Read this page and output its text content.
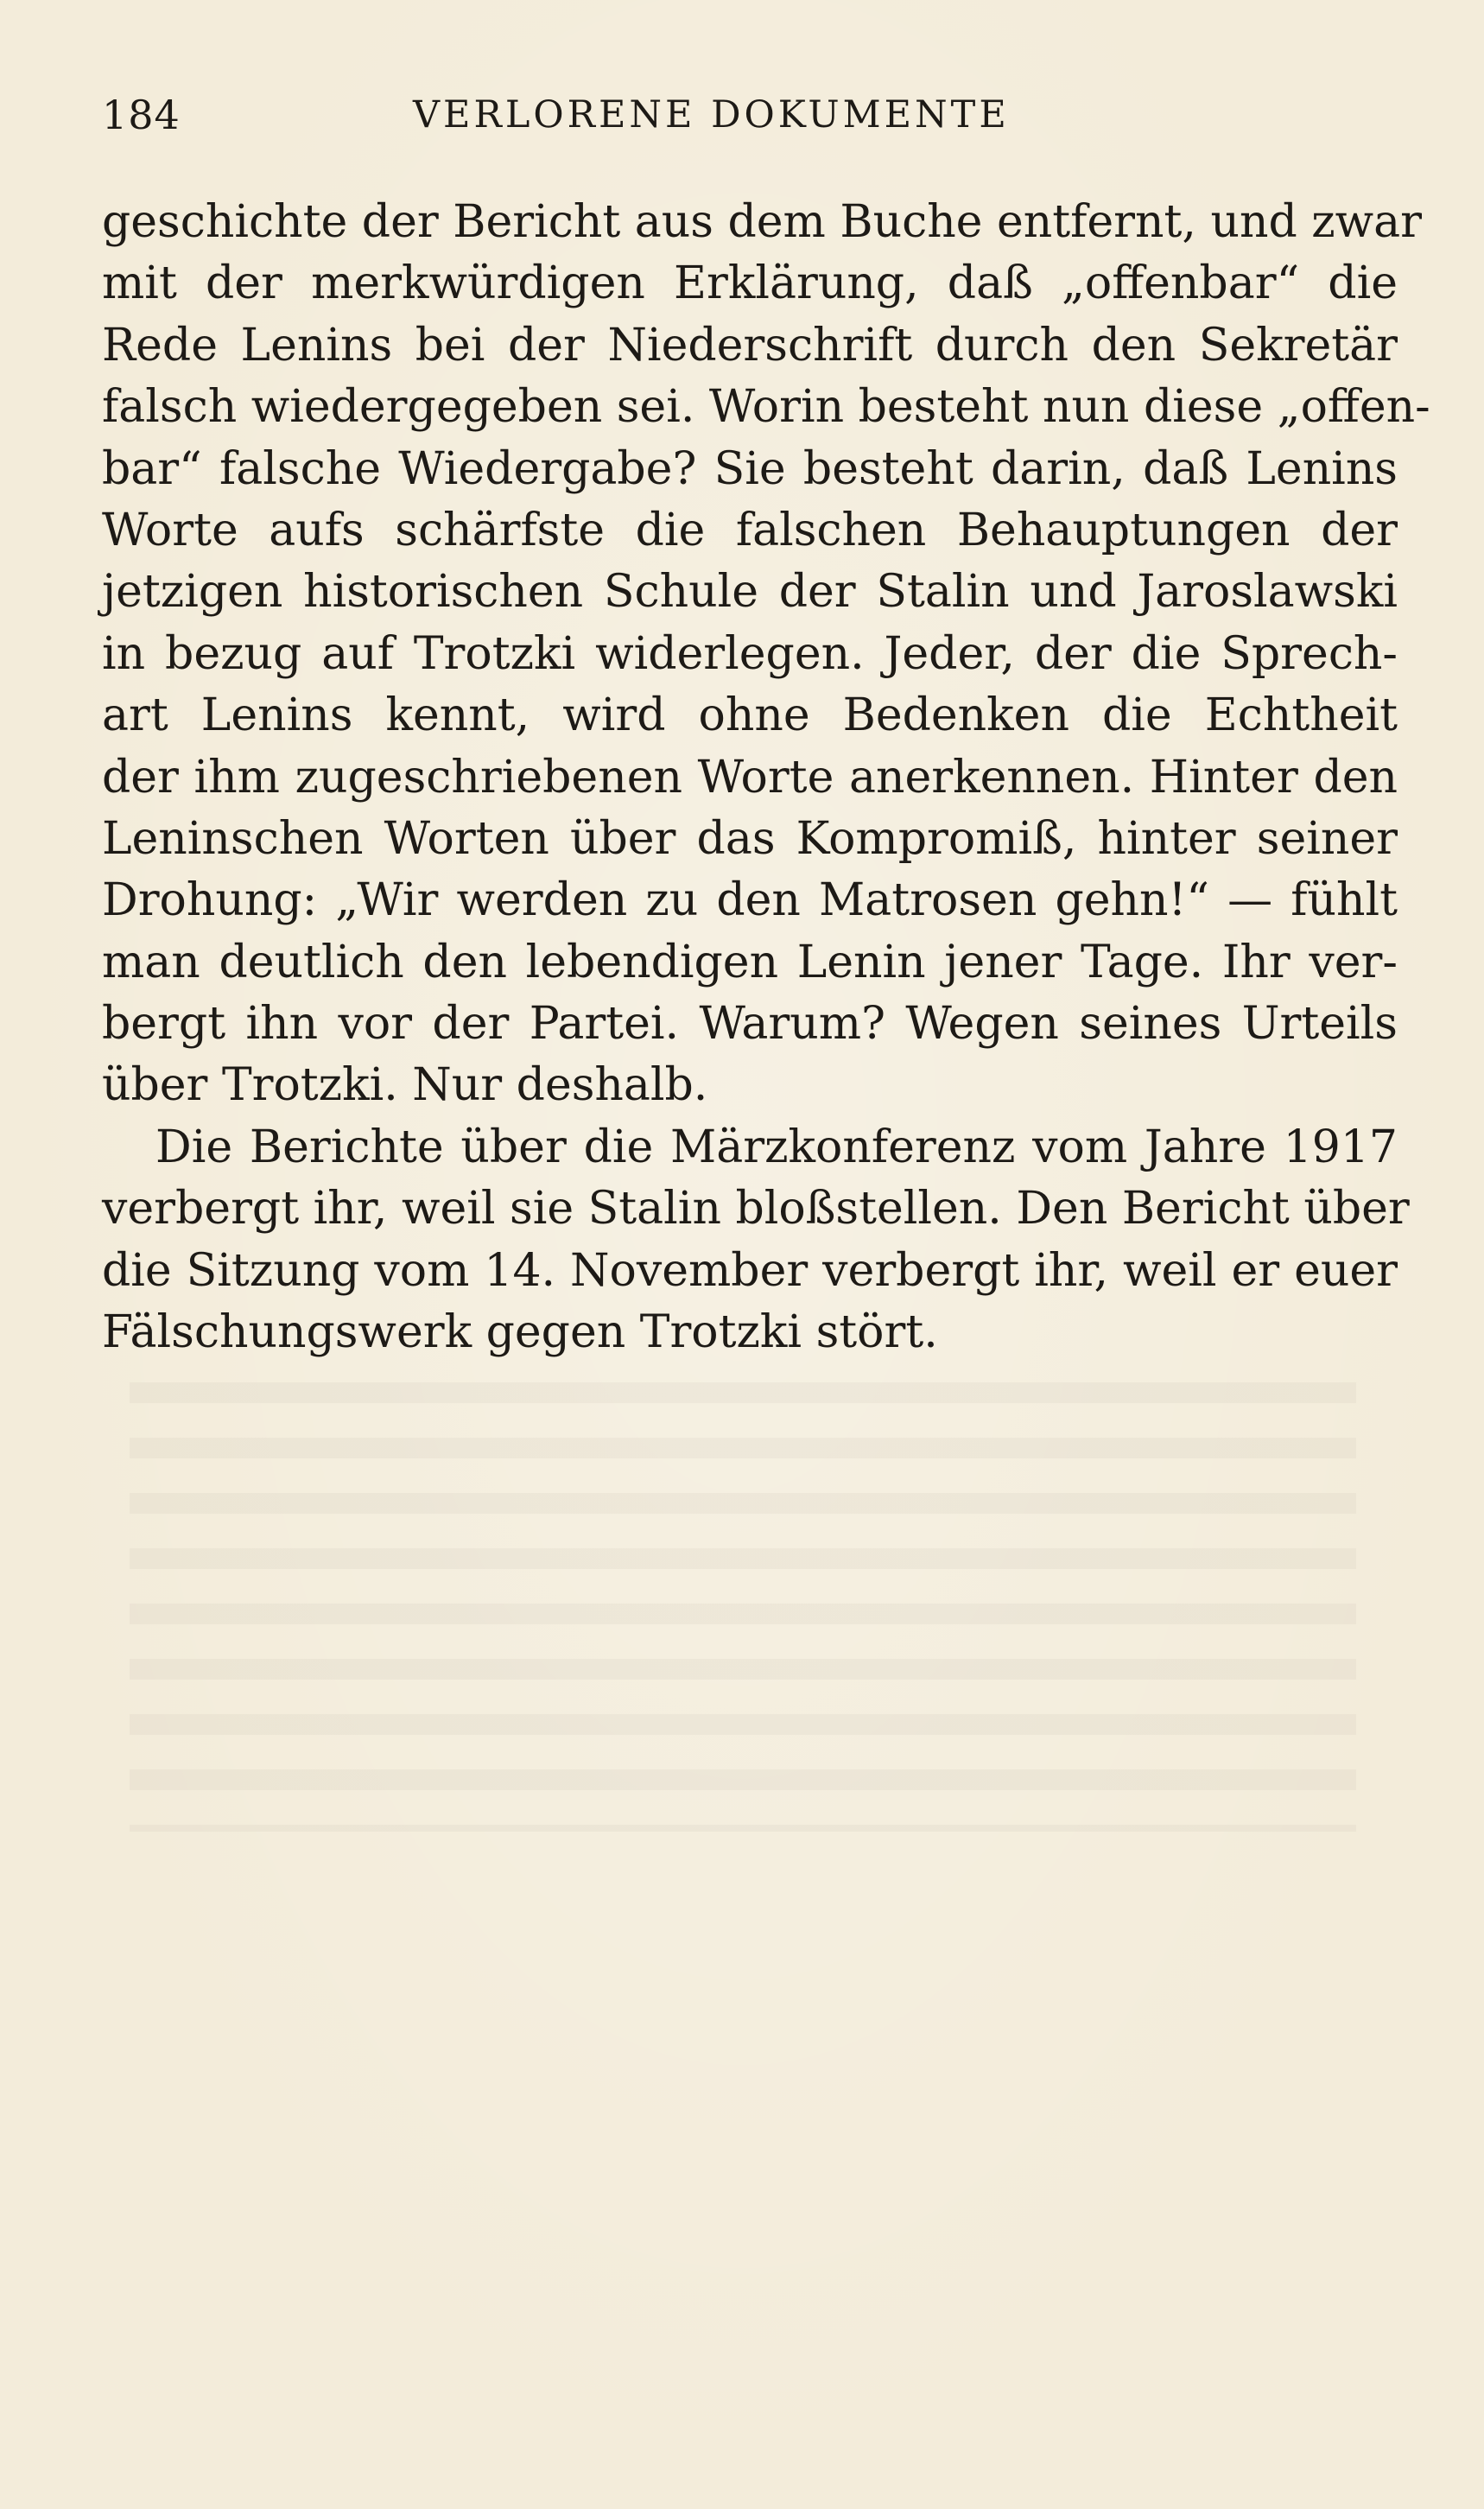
184	VERLORENE DOKUMENTE
geschichte der Bericht aus dem Buche entfernt, und zwar
mit der merkwürdigen Erklärung, daß „offenbar“ die
Rede Lenins bei der Niederschrift durch den Sekretär
falsch wiedergegeben sei. Worin besteht nun diese „offen-
bar“ falsche Wiedergabe? Sie besteht darin, daß Lenins
Worte aufs schärfste die falschen Behauptungen der
jetzigen historischen Schule der Stalin und Jaroslawski
in bezug auf Trotzki widerlegen. Jeder, der die Sprech-
art Lenins kennt, wird ohne Bedenken die Echtheit
der ihm zugeschriebenen Worte anerkennen. Hinter den
Leninschen Worten über das Kompromiß, hinter seiner
Drohung: „Wir werden zu den Matrosen gehn!“ — fühlt
man deutlich den lebendigen Lenin jener Tage. Ihr ver-
bergt ihn vor der Partei. Warum? Wegen seines Urteils
über Trotzki. Nur deshalb.
Die Berichte über die Märzkonferenz vom Jahre 1917
verbergt ihr, weil sie Stalin bloßstellen. Den Bericht über
die Sitzung vom 14. November verbergt ihr, weil er euer
Fälschungswerk gegen Trotzki stört.
